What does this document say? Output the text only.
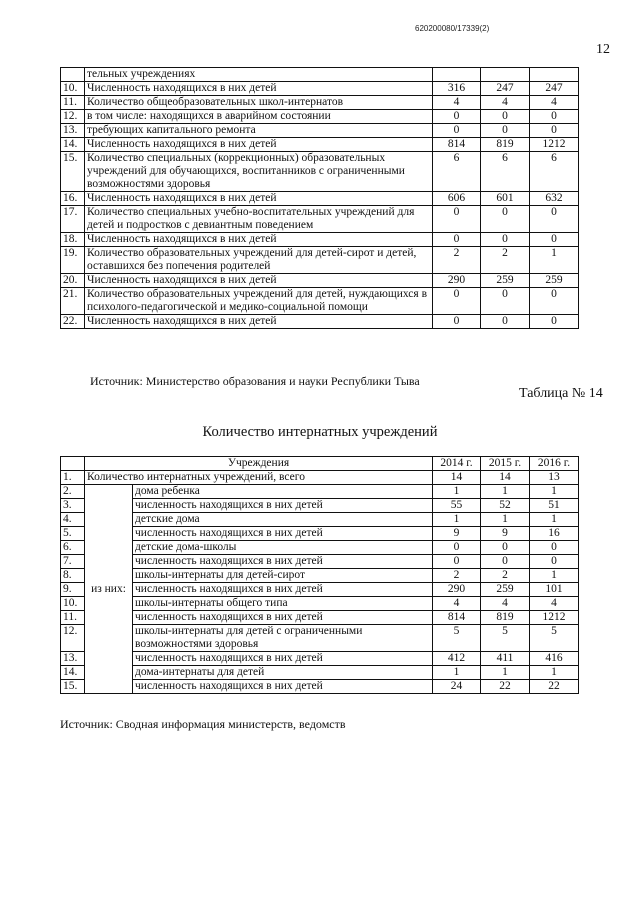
620200080/17339(2)
12
	тельных учреждениях			
10.	Численность находящихся в них детей	316	247	247
11.	Количество общеобразовательных школ-интернатов	4	4	4
12.	в том числе: находящихся в аварийном состоянии	0	0	0
13.	требующих капитального ремонта	0	0	0
14.	Численность находящихся в них детей	814	819	1212
15.	Количество специальных (коррекционных) образовательных учреждений для обучающихся, воспитанников с ограниченными возможностями здоровья	6	6	6
16.	Численность находящихся в них детей	606	601	632
17.	Количество специальных учебно-воспитательных учреждений для детей и подростков с девиантным поведением	0	0	0
18.	Численность находящихся в них детей	0	0	0
19.	Количество образовательных учреждений для детей-сирот и детей, оставшихся без попечения родителей	2	2	1
20.	Численность находящихся в них детей	290	259	259
21.	Количество образовательных учреждений для детей, нуждающихся в психолого-педагогической и медико-социальной помощи	0	0	0
22.	Численность находящихся в них детей	0	0	0
Источник: Министерство образования и науки Республики Тыва
Таблица № 14
Количество интернатных учреждений
	Учреждения		2014 г.	2015 г.	2016 г.
1.	Количество интернатных учреждений, всего		14	14	13
2.	из них:	дома ребенка	1	1	1
3.		численность находящихся в них детей	55	52	51
4.		детские дома	1	1	1
5.		численность находящихся в них детей	9	9	16
6.		детские дома-школы	0	0	0
7.		численность находящихся в них детей	0	0	0
8.		школы-интернаты для детей-сирот	2	2	1
9.		численность находящихся в них детей	290	259	101
10.		школы-интернаты общего типа	4	4	4
11.		численность находящихся в них детей	814	819	1212
12.		школы-интернаты для детей с ограниченными возможностями здоровья	5	5	5
13.		численность находящихся в них детей	412	411	416
14.		дома-интернаты для детей	1	1	1
15.		численность находящихся в них детей	24	22	22
Источник: Сводная информация министерств, ведомств
